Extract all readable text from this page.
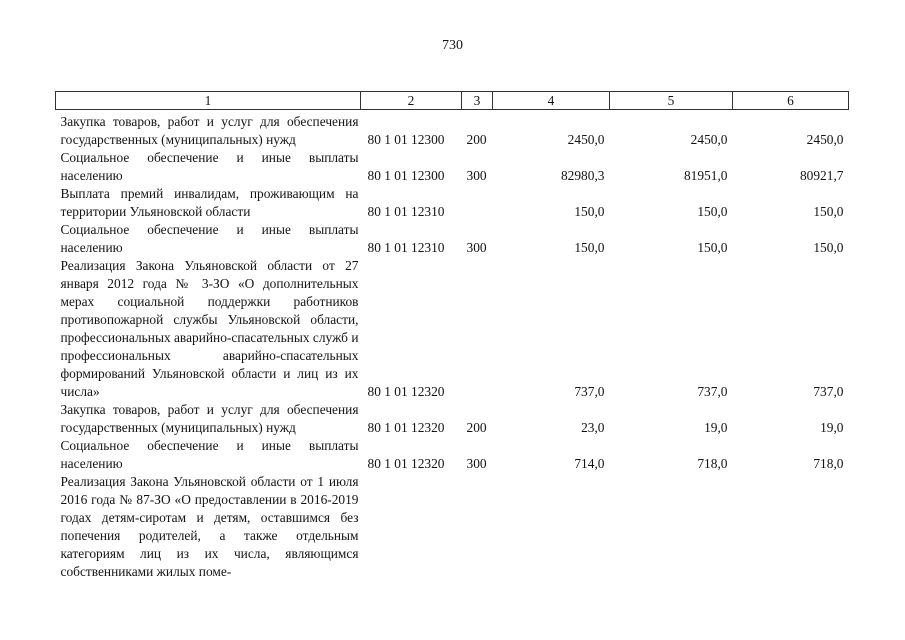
730
1	2	3	4	5	6
Закупка товаров, работ и услуг для обеспечения государственных (муниципальных) нужд	80 1 01 12300	200	2450,0	2450,0	2450,0
Социальное обеспечение и иные выплаты населению	80 1 01 12300	300	82980,3	81951,0	80921,7
Выплата премий инвалидам, проживающим на территории Ульяновской области	80 1 01 12310		150,0	150,0	150,0
Социальное обеспечение и иные выплаты населению	80 1 01 12310	300	150,0	150,0	150,0
Реализация Закона Ульяновской области от 27 января 2012 года № 3-ЗО «О дополнительных мерах социальной поддержки работников противопожарной службы Ульяновской области, профессиональных аварийно-спасательных служб и профессиональных аварийно-спасательных формирований Ульяновской области и лиц из их числа»	80 1 01 12320		737,0	737,0	737,0
Закупка товаров, работ и услуг для обеспечения государственных (муниципальных) нужд	80 1 01 12320	200	23,0	19,0	19,0
Социальное обеспечение и иные выплаты населению	80 1 01 12320	300	714,0	718,0	718,0
Реализация Закона Ульяновской области от 1 июля 2016 года № 87-ЗО «О предоставлении в 2016-2019 годах детям-сиротам и детям, оставшимся без попечения родителей, а также отдельным категориям лиц из их числа, являющимся собственниками жилых поме-					
